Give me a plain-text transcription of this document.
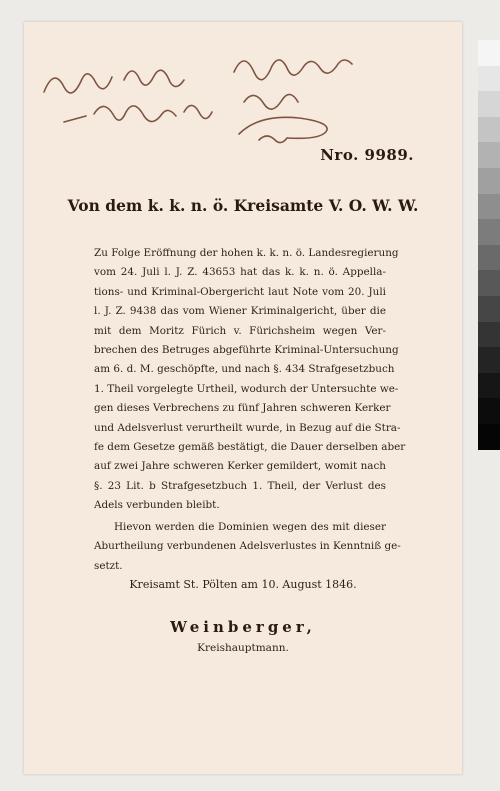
Nro. 9989.
Von dem k. k. n. ö. Kreisamte V. O. W. W.
Zu Folge Eröffnung der hohen k. k. n. ö. Landesregierung
vom 24. Juli l. J. Z. 43653 hat das k. k. n. ö. Appella-
tions- und Kriminal-Obergericht laut Note vom 20. Juli
l. J. Z. 9438 das vom Wiener Kriminalgericht, über die
mit dem Moritz Fürich v. Fürichsheim wegen Ver-
brechen des Betruges abgeführte Kriminal-Untersuchung
am 6. d. M. geschöpfte, und nach §. 434 Strafgesetzbuch
1. Theil vorgelegte Urtheil, wodurch der Untersuchte we-
gen dieses Verbrechens zu fünf Jahren schweren Kerker
und Adelsverlust verurtheilt wurde, in Bezug auf die Stra-
fe dem Gesetze gemäß bestätigt, die Dauer derselben aber
auf zwei Jahre schweren Kerker gemildert, womit nach
§. 23 Lit. b Strafgesetzbuch 1. Theil, der Verlust des
Adels verbunden bleibt.
Hievon werden die Dominien wegen des mit dieser
Aburtheilung verbundenen Adelsverlustes in Kenntniß ge-
setzt.
Kreisamt St. Pölten am 10. August 1846.
Weinberger,
Kreishauptmann.
